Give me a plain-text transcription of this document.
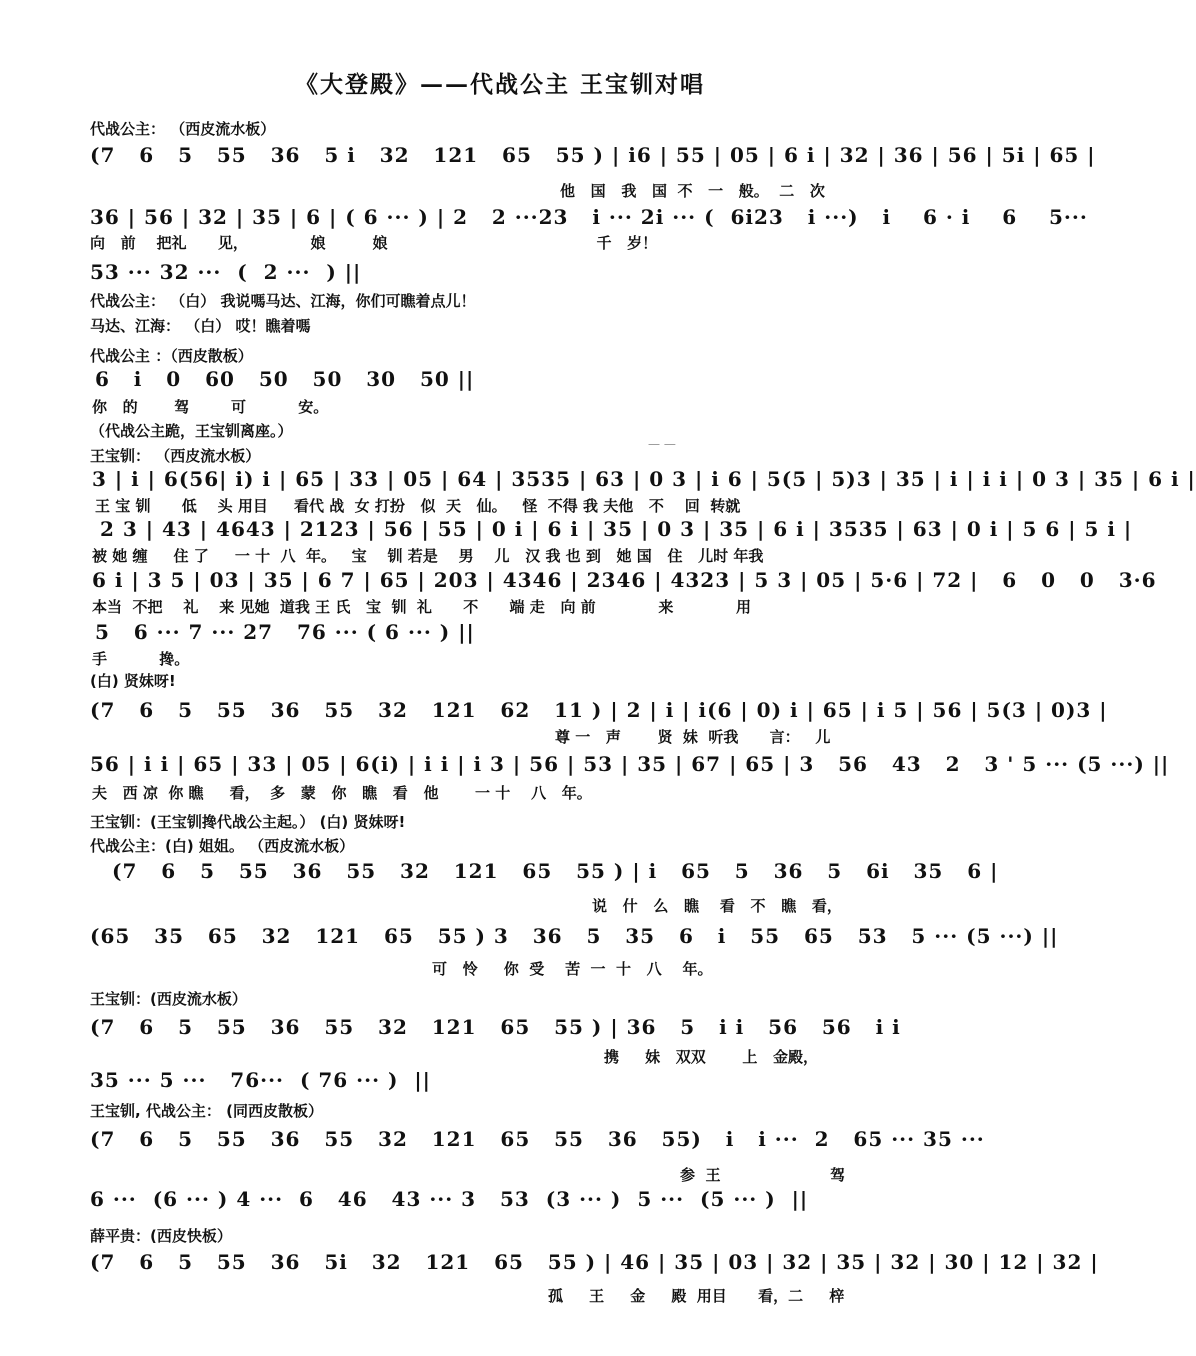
《大登殿》——代战公主 王宝钏对唱
— —
代战公主： （西皮流水板）
(7   6   5   55   36   5 i   32   121   65   55 ) | i6 | 55 | 05 | 6 i | 32 | 36 | 56 | 5i | 65 |
他   国   我   国  不   一   般。  二   次
36 | 56 | 32 | 35 | 6 | ( 6 ··· ) | 2   2 ···23   i ··· 2i ··· (  6i23   i ···)   i    6 · i    6    5···
向   前    把礼      见，            娘         娘                                        千   岁！
53 ··· 32 ···  (  2 ···  ) ||
代战公主： （白） 我说嗎马达、江海，你们可瞧着点儿！
马达、江海： （白） 哎！瞧着嗎
代战公主 ：（西皮散板）
6   i   0   60   50   50   30   50 ||
你   的       驾        可          安。
（代战公主跪，王宝钏离座。）
王宝钏： （西皮流水板）
3 | i | 6(56| i) i | 65 | 33 | 05 | 64 | 3535 | 63 | 0 3 | i 6 | 5(5 | 5)3 | 35 | i | i i | 0 3 | 35 | 6 i |
王 宝 钏      低    头 用目     看代 战  女 打扮   似  天   仙。   怪  不得 我 夫他   不    回  转就
2 3 | 43 | 4643 | 2123 | 56 | 55 | 0 i | 6 i | 35 | 0 3 | 35 | 6 i | 3535 | 63 | 0 i | 5 6 | 5 i |
被 她 缠     住 了     一 十  八  年。   宝    钏 若是    男    儿   汉 我 也 到   她 国   住   儿时 年我
6 i | 3 5 | 03 | 35 | 6 7 | 65 | 203 | 4346 | 2346 | 4323 | 5 3 | 05 | 5·6 | 72 |   6   0   0   3·6
本当  不把    礼    来 见她  道我 王 氏   宝  钏  礼      不      端 走   向 前            来            用
5   6 ··· 7 ··· 27   76 ··· ( 6 ··· ) ||
手          搀。
(白) 贤妹呀!
(7   6   5   55   36   55   32   121   62   11 ) | 2 | i | i(6 | 0) i | 65 | i 5 | 56 | 5(3 | 0)3 |
尊 一   声       贤  妹  听我      言：   儿
56 | i i | 65 | 33 | 05 | 6(i) | i i | i 3 | 56 | 53 | 35 | 67 | 65 | 3   56   43   2   3 ' 5 ··· (5 ···) ||
夫   西 凉  你 瞧     看，  多   蒙   你   瞧   看   他       一 十    八   年。
王宝钏：(王宝钏搀代战公主起。） (白) 贤妹呀!
代战公主：(白) 姐姐。 （西皮流水板）
(7   6   5   55   36   55   32   121   65   55 ) | i   65   5   36   5   6i   35   6 |
说   什   么   瞧    看   不   瞧   看，
(65   35   65   32   121   65   55 ) 3   36   5   35   6   i   55   65   53   5 ··· (5 ···) ||
可   怜     你  受    苦  一  十   八    年。
王宝钏：(西皮流水板）
(7   6   5   55   36   55   32   121   65   55 ) | 36   5   i i   56   56   i i
携     妹   双双       上   金殿，
35 ··· 5 ···   76···  ( 76 ··· )  ||
王宝钏, 代战公主： (同西皮散板）
(7   6   5   55   36   55   32   121   65   55   36   55)   i   i ···  2   65 ··· 35 ···
参  王                     驾
6 ···  (6 ··· ) 4 ···  6   46   43 ··· 3   53  (3 ··· )  5 ···  (5 ··· )  ||
薛平贵：(西皮快板）
(7   6   5   55   36   5i   32   121   65   55 ) | 46 | 35 | 03 | 32 | 35 | 32 | 30 | 12 | 32 |
孤     王     金     殿  用目      看，二     梓
